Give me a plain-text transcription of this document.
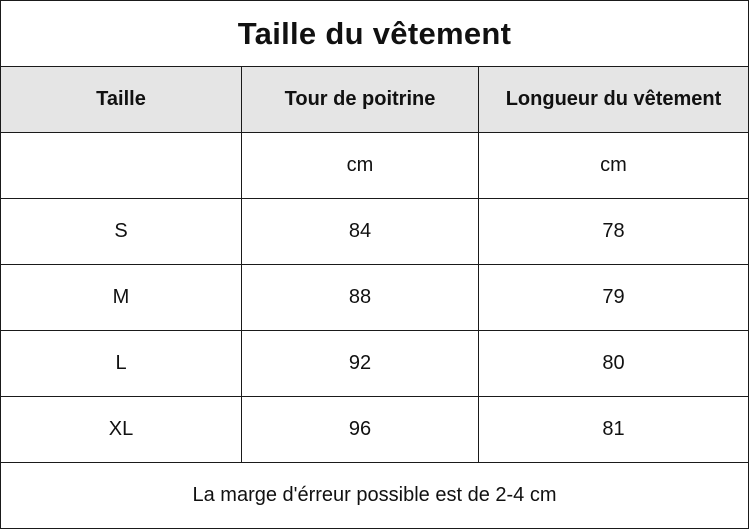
Taille du vêtement		
Taille	Tour de poitrine	Longueur du vêtement
	cm	cm
S	84	78
M	88	79
L	92	80
XL	96	81
La marge d'érreur possible est de 2-4 cm		
